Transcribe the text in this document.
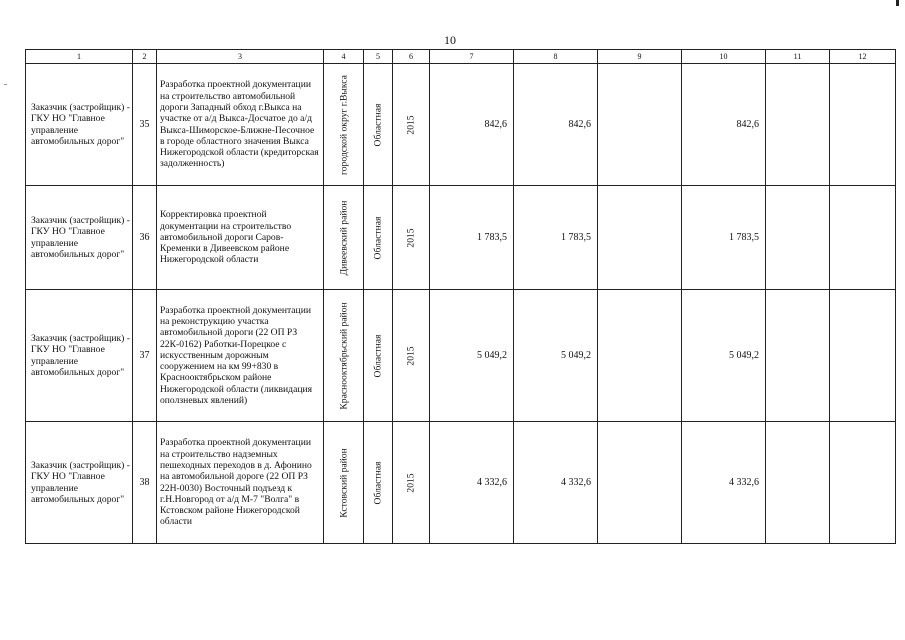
10
1	2	3	4	5	6	7	8	9	10	11	12
Заказчик (застройщик) - ГКУ НО "Главное управление автомобильных дорог"	35	Разработка проектной документации на строительство автомобильной дороги Западный обход г.Выкса на участке от а/д Выкса-Досчатое до а/д Выкса-Шиморское-Ближне-Песочное в городе областного значения Выкса Нижегородской области (кредиторская задолженность)	городской округ г.Выкса	Областная	2015	842,6	842,6		842,6		
Заказчик (застройщик) - ГКУ НО "Главное управление автомобильных дорог"	36	Корректировка проектной документации на строительство автомобильной дороги Саров-Кременки в Дивеевском районе Нижегородской области	Дивеевский район	Областная	2015	1 783,5	1 783,5		1 783,5		
Заказчик (застройщик) - ГКУ НО "Главное управление автомобильных дорог"	37	Разработка проектной документации на реконструкцию участка автомобильной дороги (22 ОП РЗ 22К-0162) Работки-Порецкое с искусственным дорожным сооружением на км 99+830 в Краснооктябрьском районе Нижегородской области (ликвидация оползневых явлений)	Краснооктябрьский район	Областная	2015	5 049,2	5 049,2		5 049,2		
Заказчик (застройщик) - ГКУ НО "Главное управление автомобильных дорог"	38	Разработка проектной документации на строительство надземных пешеходных переходов в д. Афонино на автомобильной дороге (22 ОП РЗ 22Н-0030) Восточный подъезд к г.Н.Новгород от а/д М-7 "Волга" в Кстовском районе Нижегородской области	Кстовский район	Областная	2015	4 332,6	4 332,6		4 332,6		
